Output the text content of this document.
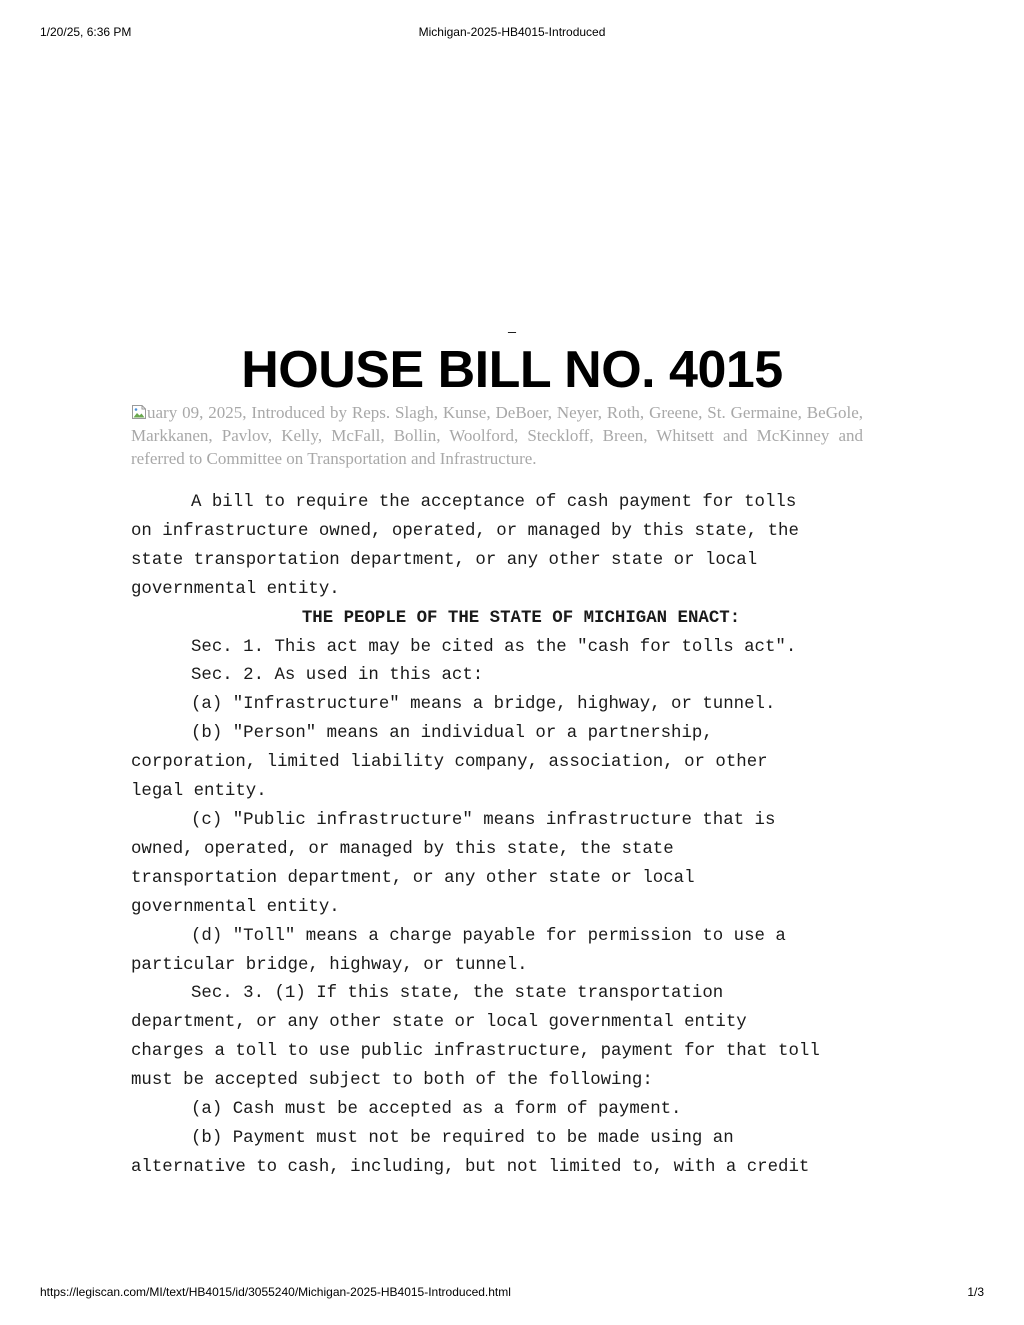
1/20/25, 6:36 PM	Michigan-2025-HB4015-Introduced
_
HOUSE BILL NO. 4015
uary 09, 2025, Introduced by Reps. Slagh, Kunse, DeBoer, Neyer, Roth, Greene, St. Germaine, BeGole, Markkanen, Pavlov, Kelly, McFall, Bollin, Woolford, Steckloff, Breen, Whitsett and McKinney and referred to Committee on Transportation and Infrastructure.

A bill to require the acceptance of cash payment for tolls

on infrastructure owned, operated, or managed by this state, the

state transportation department, or any other state or local

governmental entity.

THE PEOPLE OF THE STATE OF MICHIGAN ENACT:

Sec. 1. This act may be cited as the "cash for tolls act".

Sec. 2. As used in this act:

(a) "Infrastructure" means a bridge, highway, or tunnel.

(b) "Person" means an individual or a partnership,

corporation, limited liability company, association, or other

legal entity.

(c) "Public infrastructure" means infrastructure that is

owned, operated, or managed by this state, the state

transportation department, or any other state or local

governmental entity.

(d) "Toll" means a charge payable for permission to use a

particular bridge, highway, or tunnel.

Sec. 3. (1) If this state, the state transportation

department, or any other state or local governmental entity

charges a toll to use public infrastructure, payment for that toll

must be accepted subject to both of the following:

(a) Cash must be accepted as a form of payment.

(b) Payment must not be required to be made using an

alternative to cash, including, but not limited to, with a credit

https://legiscan.com/MI/text/HB4015/id/3055240/Michigan-2025-HB4015-Introduced.html	1/3
